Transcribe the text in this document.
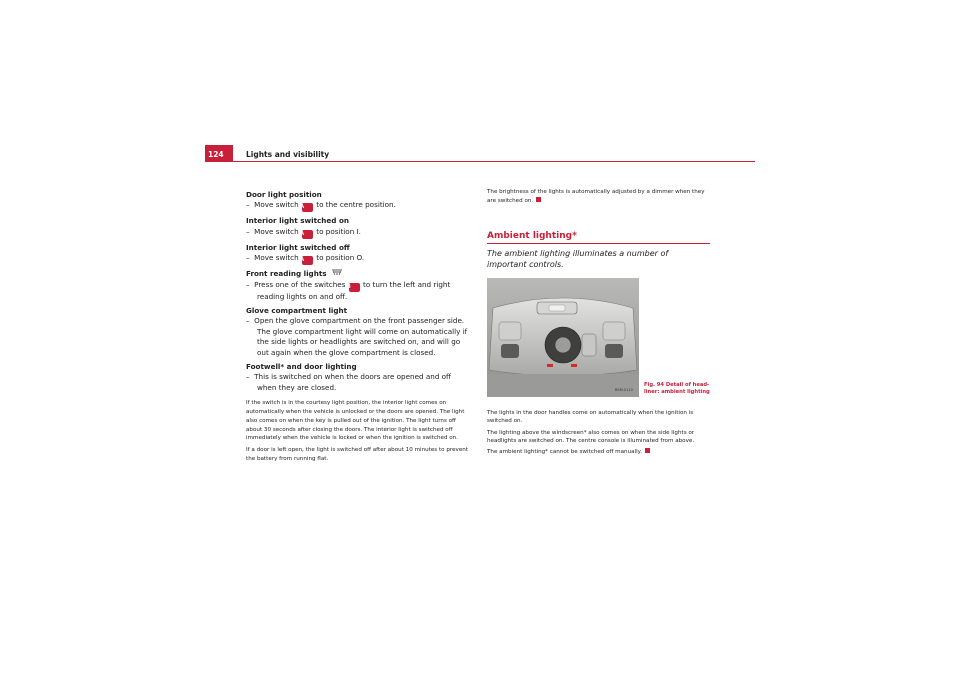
124	Lights and visibility
Door light position
– Move switch A to the centre position.
Interior light switched on
– Move switch A to position I.
Interior light switched off
– Move switch A to position O.
Front reading lights
– Press one of the switches B to turn the left and right reading lights on and off.
Glove compartment light
– Open the glove compartment on the front passenger side. The glove compartment light will come on automatically if the side lights or headlights are switched on, and will go out again when the glove compartment is closed.
Footwell* and door lighting
– This is switched on when the doors are opened and off when they are closed.

If the switch is in the courtesy light position, the interior light comes on automatically when the vehicle is unlocked or the doors are opened. The light also comes on when the key is pulled out of the ignition. The light turns off about 30 seconds after closing the doors. The interior light is switched off immediately when the vehicle is locked or when the ignition is switched on.

If a door is left open, the light is switched off after about 10 minutes to prevent the battery from running flat.

The brightness of the lights is automatically adjusted by a dimmer when they are switched on.
Ambient lighting*
The ambient lighting illuminates a number of important controls.
B5M-0110
Fig. 94 Detail of head-liner: ambient lighting

The lights in the door handles come on automatically when the ignition is switched on.

The lighting above the windscreen* also comes on when the side lights or headlights are switched on. The centre console is illuminated from above.

The ambient lighting* cannot be switched off manually.
